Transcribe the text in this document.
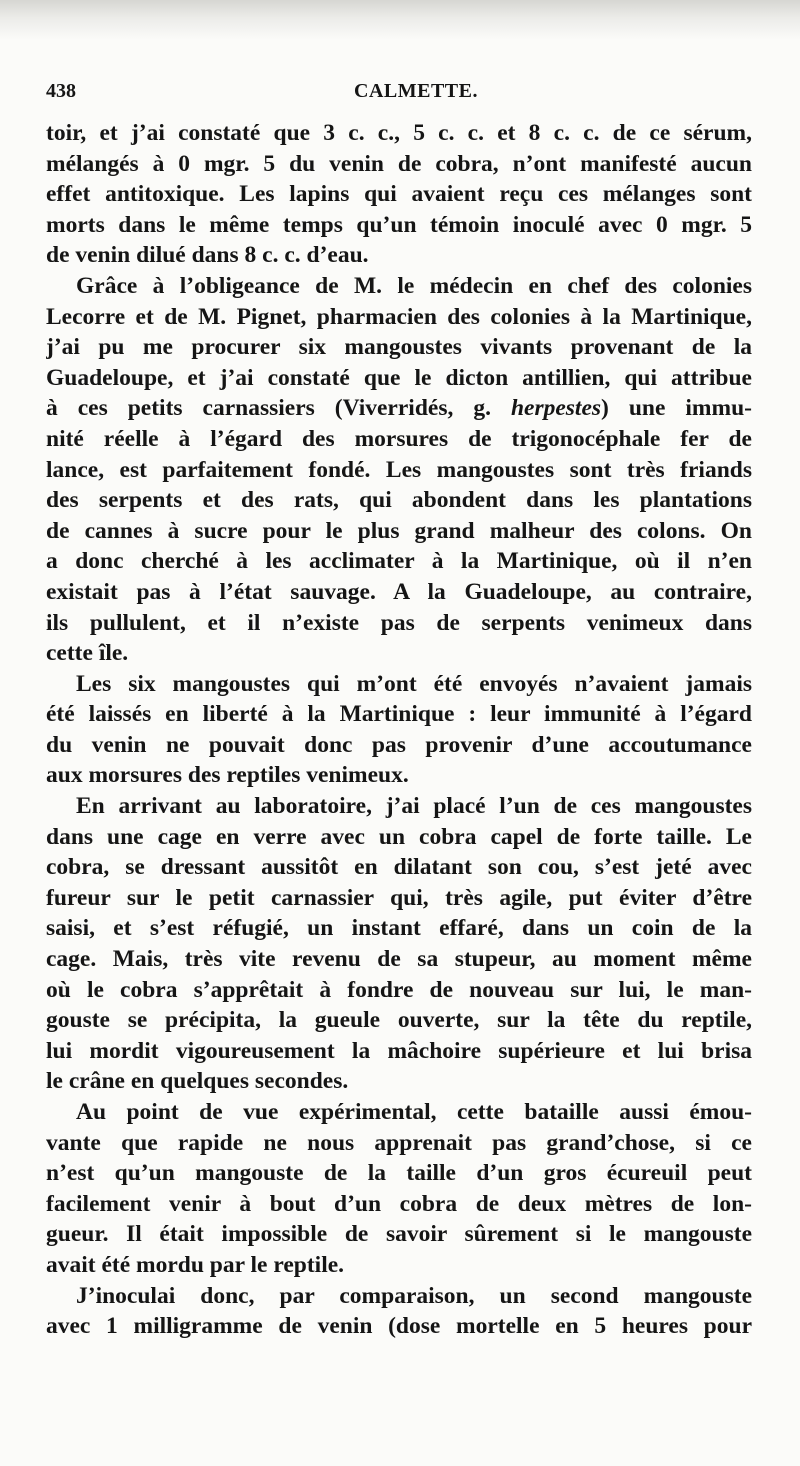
438	CALMETTE.
toir, et j’ai constaté que 3 c. c., 5 c. c. et 8 c. c. de ce sérum,
mélangés à 0 mgr. 5 du venin de cobra, n’ont manifesté aucun
effet antitoxique. Les lapins qui avaient reçu ces mélanges sont
morts dans le même temps qu’un témoin inoculé avec 0 mgr. 5
de venin dilué dans 8 c. c. d’eau.
Grâce à l’obligeance de M. le médecin en chef des colonies
Lecorre et de M. Pignet, pharmacien des colonies à la Martinique,
j’ai pu me procurer six mangoustes vivants provenant de la
Guadeloupe, et j’ai constaté que le dicton antillien, qui attribue
à ces petits carnassiers (Viverridés, g. herpestes) une immu-
nité réelle à l’égard des morsures de trigonocéphale fer de
lance, est parfaitement fondé. Les mangoustes sont très friands
des serpents et des rats, qui abondent dans les plantations
de cannes à sucre pour le plus grand malheur des colons. On
a donc cherché à les acclimater à la Martinique, où il n’en
existait pas à l’état sauvage. A la Guadeloupe, au contraire,
ils pullulent, et il n’existe pas de serpents venimeux dans
cette île.
Les six mangoustes qui m’ont été envoyés n’avaient jamais
été laissés en liberté à la Martinique : leur immunité à l’égard
du venin ne pouvait donc pas provenir d’une accoutumance
aux morsures des reptiles venimeux.
En arrivant au laboratoire, j’ai placé l’un de ces mangoustes
dans une cage en verre avec un cobra capel de forte taille. Le
cobra, se dressant aussitôt en dilatant son cou, s’est jeté avec
fureur sur le petit carnassier qui, très agile, put éviter d’être
saisi, et s’est réfugié, un instant effaré, dans un coin de la
cage. Mais, très vite revenu de sa stupeur, au moment même
où le cobra s’apprêtait à fondre de nouveau sur lui, le man-
gouste se précipita, la gueule ouverte, sur la tête du reptile,
lui mordit vigoureusement la mâchoire supérieure et lui brisa
le crâne en quelques secondes.
Au point de vue expérimental, cette bataille aussi émou-
vante que rapide ne nous apprenait pas grand’chose, si ce
n’est qu’un mangouste de la taille d’un gros écureuil peut
facilement venir à bout d’un cobra de deux mètres de lon-
gueur. Il était impossible de savoir sûrement si le mangouste
avait été mordu par le reptile.
J’inoculai donc, par comparaison, un second mangouste
avec 1 milligramme de venin (dose mortelle en 5 heures pour
